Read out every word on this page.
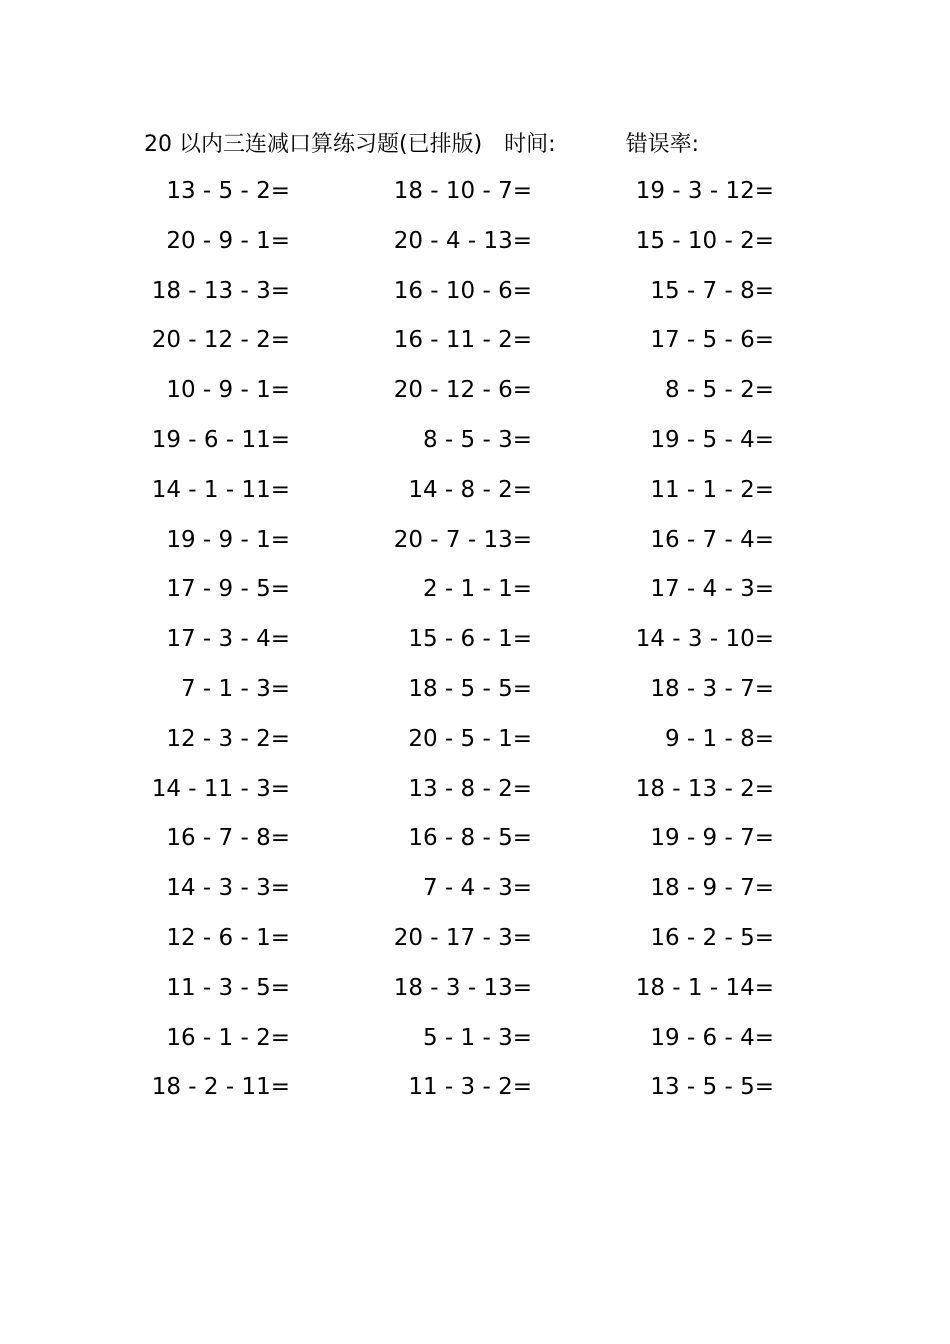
20 以内三连减口算练习题(已排版) 时间:	错误率:
13 - 5 - 2=	18 - 10 - 7=	19 - 3 - 12=
20 - 9 - 1=	20 - 4 - 13=	15 - 10 - 2=
18 - 13 - 3=	16 - 10 - 6=	15 - 7 - 8=
20 - 12 - 2=	16 - 11 - 2=	17 - 5 - 6=
10 - 9 - 1=	20 - 12 - 6=	8 - 5 - 2=
19 - 6 - 11=	8 - 5 - 3=	19 - 5 - 4=
14 - 1 - 11=	14 - 8 - 2=	11 - 1 - 2=
19 - 9 - 1=	20 - 7 - 13=	16 - 7 - 4=
17 - 9 - 5=	2 - 1 - 1=	17 - 4 - 3=
17 - 3 - 4=	15 - 6 - 1=	14 - 3 - 10=
7 - 1 - 3=	18 - 5 - 5=	18 - 3 - 7=
12 - 3 - 2=	20 - 5 - 1=	9 - 1 - 8=
14 - 11 - 3=	13 - 8 - 2=	18 - 13 - 2=
16 - 7 - 8=	16 - 8 - 5=	19 - 9 - 7=
14 - 3 - 3=	7 - 4 - 3=	18 - 9 - 7=
12 - 6 - 1=	20 - 17 - 3=	16 - 2 - 5=
11 - 3 - 5=	18 - 3 - 13=	18 - 1 - 14=
16 - 1 - 2=	5 - 1 - 3=	19 - 6 - 4=
18 - 2 - 11=	11 - 3 - 2=	13 - 5 - 5=
